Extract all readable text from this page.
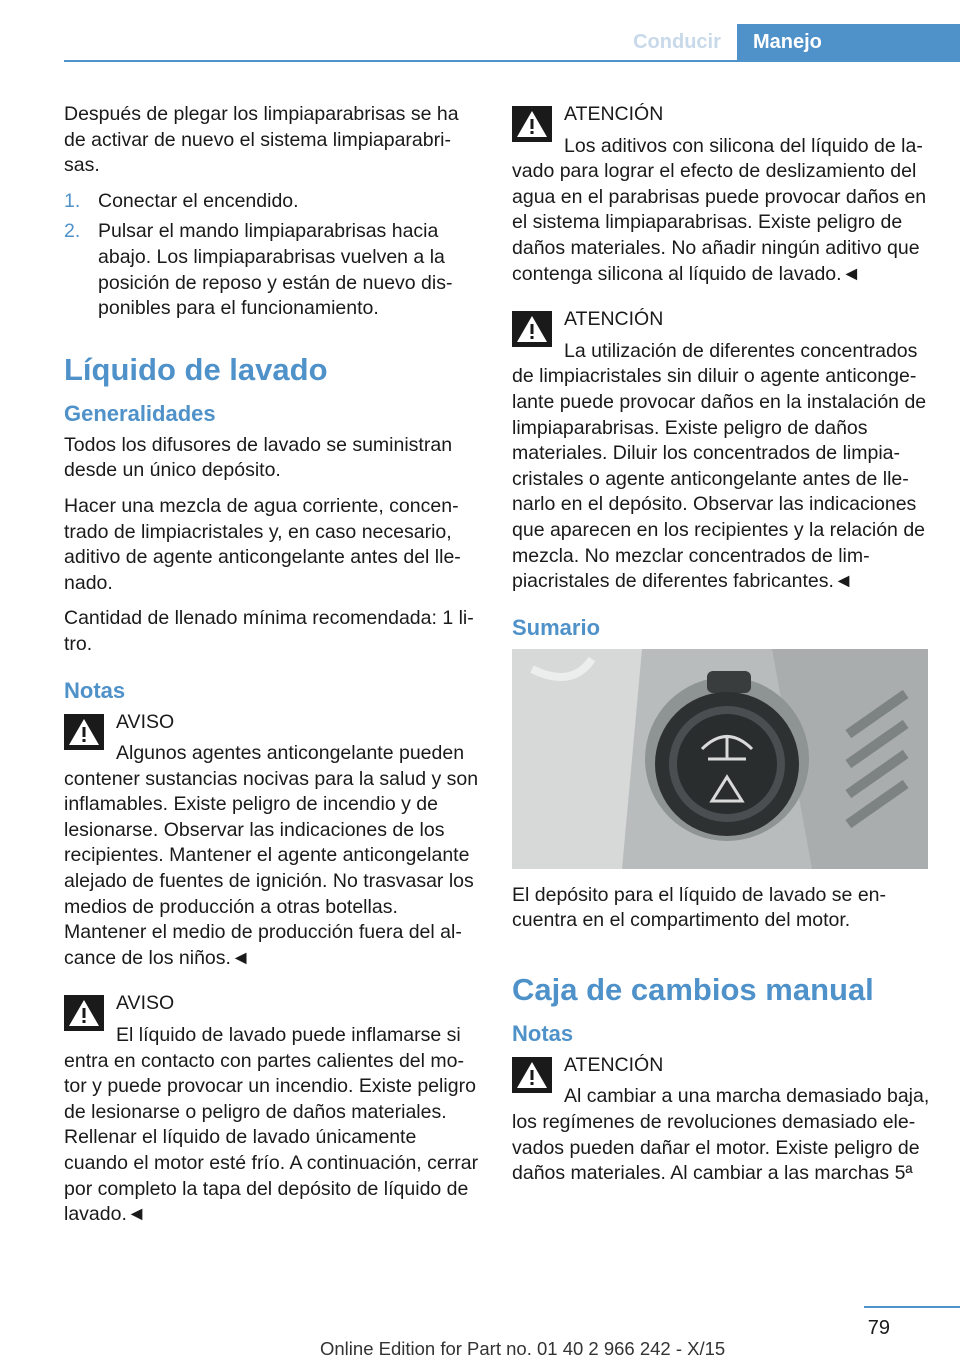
Conducir	Manejo

Después de plegar los limpiaparabrisas se ha de activar de nuevo el sistema limpiaparabrisas.

1. Conectar el encendido.
2. Pulsar el mando limpiaparabrisas hacia abajo. Los limpiaparabrisas vuelven a la posición de reposo y están de nuevo disponibles para el funcionamiento.
Líquido de lavado
Generalidades

Todos los difusores de lavado se suministran desde un único depósito.

Hacer una mezcla de agua corriente, concentrado de limpiacristales y, en caso necesario, aditivo de agente anticongelante antes del llenado.

Cantidad de llenado mínima recomendada: 1 litro.

Notas
AVISO
Algunos agentes anticongelante pueden contener sustancias nocivas para la salud y son inflamables. Existe peligro de incendio y de lesionarse. Observar las indicaciones de los recipientes. Mantener el agente anticongelante alejado de fuentes de ignición. No trasvasar los medios de producción a otras botellas. Mantener el medio de producción fuera del alcance de los niños.◄
AVISO
El líquido de lavado puede inflamarse si entra en contacto con partes calientes del motor y puede provocar un incendio. Existe peligro de lesionarse o peligro de daños materiales. Rellenar el líquido de lavado únicamente cuando el motor esté frío. A continuación, cerrar por completo la tapa del depósito de líquido de lavado.◄
ATENCIÓN
Los aditivos con silicona del líquido de lavado para lograr el efecto de deslizamiento del agua en el parabrisas puede provocar daños en el sistema limpiaparabrisas. Existe peligro de daños materiales. No añadir ningún aditivo que contenga silicona al líquido de lavado.◄
ATENCIÓN
La utilización de diferentes concentrados de limpiacristales sin diluir o agente anticongelante puede provocar daños en la instalación de limpiaparabrisas. Existe peligro de daños materiales. Diluir los concentrados de limpiacristales o agente anticongelante antes de llenarlo en el depósito. Observar las indicaciones que aparecen en los recipientes y la relación de mezcla. No mezclar concentrados de limpiacristales de diferentes fabricantes.◄
Sumario

El depósito para el líquido de lavado se encuentra en el compartimento del motor.

Caja de cambios manual
Notas
ATENCIÓN
Al cambiar a una marcha demasiado baja, los regímenes de revoluciones demasiado elevados pueden dañar el motor. Existe peligro de daños materiales. Al cambiar a las marchas 5ª
79
Online Edition for Part no. 01 40 2 966 242 - X/15
